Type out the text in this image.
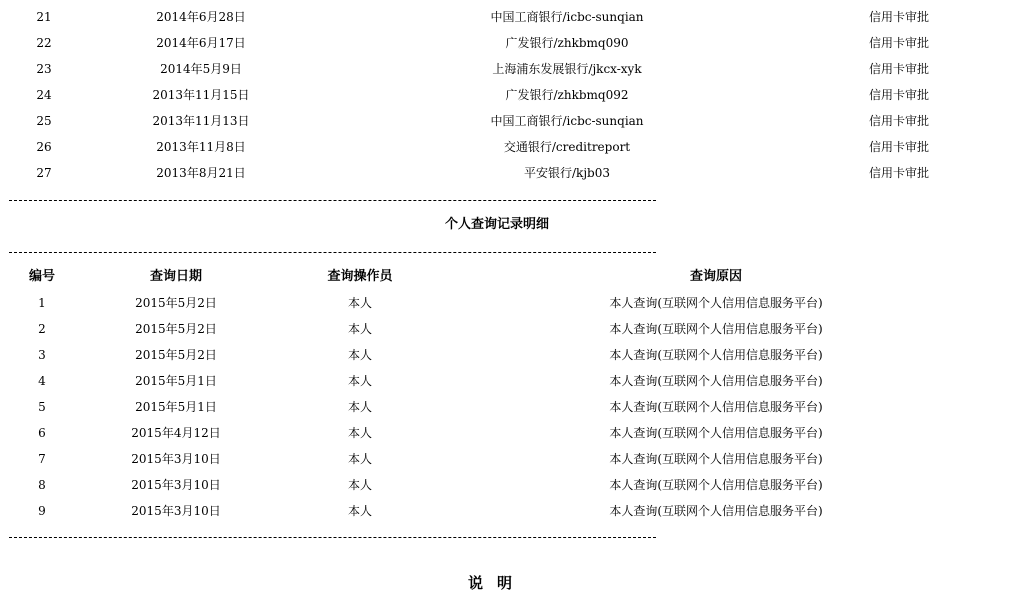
21	2014年6月28日	中国工商银行/icbc-sunqian	信用卡审批
22	2014年6月17日	广发银行/zhkbmq090	信用卡审批
23	2014年5月9日	上海浦东发展银行/jkcx-xyk	信用卡审批
24	2013年11月15日	广发银行/zhkbmq092	信用卡审批
25	2013年11月13日	中国工商银行/icbc-sunqian	信用卡审批
26	2013年11月8日	交通银行/creditreport	信用卡审批
27	2013年8月21日	平安银行/kjb03	信用卡审批
个人查询记录明细
编号	查询日期	查询操作员	查询原因
1	2015年5月2日	本人	本人查询(互联网个人信用信息服务平台)
2	2015年5月2日	本人	本人查询(互联网个人信用信息服务平台)
3	2015年5月2日	本人	本人查询(互联网个人信用信息服务平台)
4	2015年5月1日	本人	本人查询(互联网个人信用信息服务平台)
5	2015年5月1日	本人	本人查询(互联网个人信用信息服务平台)
6	2015年4月12日	本人	本人查询(互联网个人信用信息服务平台)
7	2015年3月10日	本人	本人查询(互联网个人信用信息服务平台)
8	2015年3月10日	本人	本人查询(互联网个人信用信息服务平台)
9	2015年3月10日	本人	本人查询(互联网个人信用信息服务平台)
说明
